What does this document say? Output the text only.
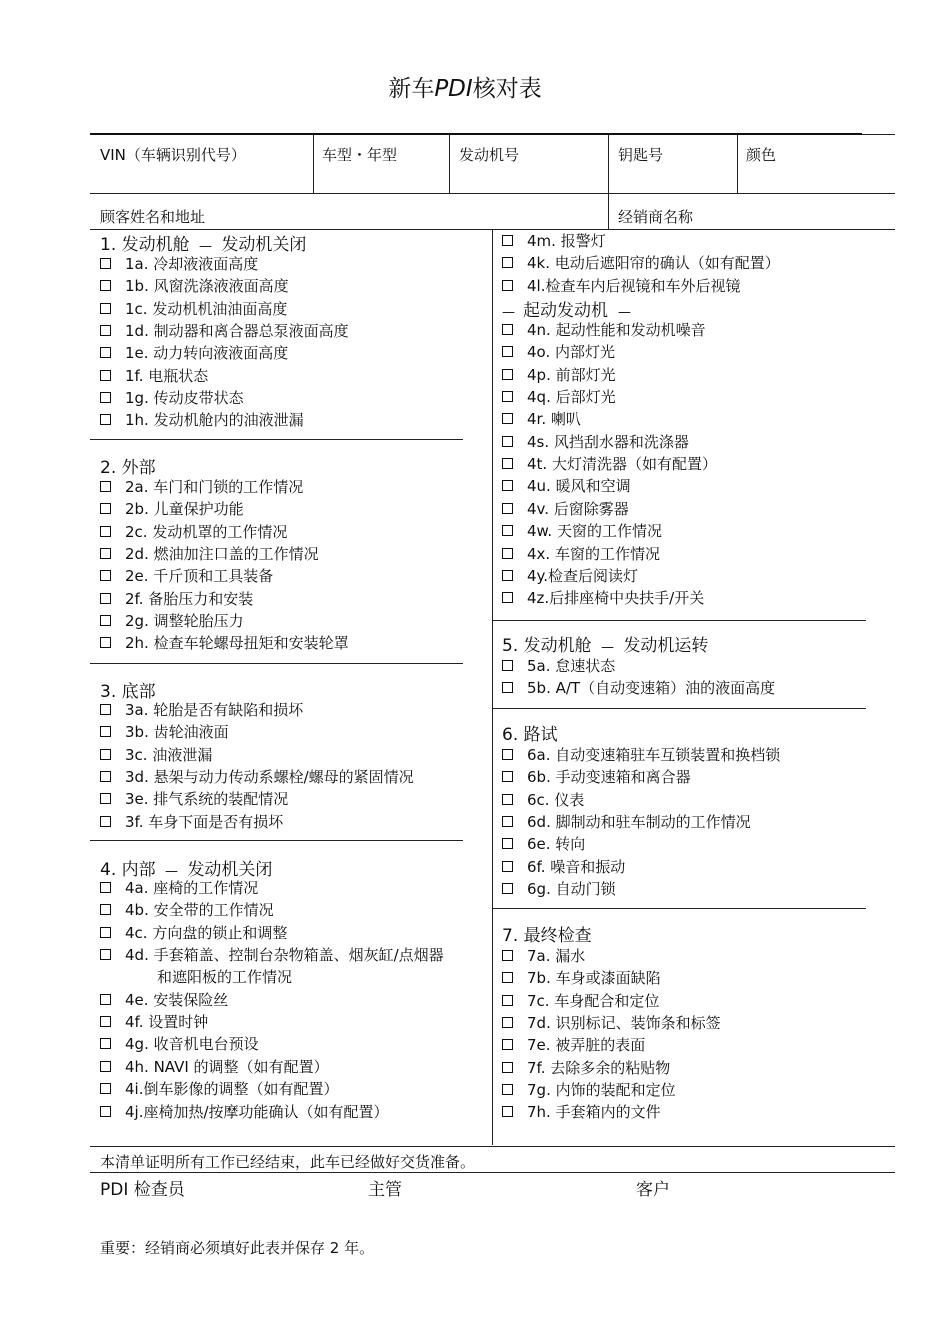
新车PDI核对表
VIN（车辆识别代号）	车型・年型	发动机号	钥匙号	颜色
顾客姓名和地址	经销商名称
1. 发动机舱 — 发动机关闭
1a. 冷却液液面高度
1b. 风窗洗涤液液面高度
1c. 发动机机油油面高度
1d. 制动器和离合器总泵液面高度
1e. 动力转向液液面高度
1f. 电瓶状态
1g. 传动皮带状态
1h. 发动机舱内的油液泄漏
2. 外部
2a. 车门和门锁的工作情况
2b. 儿童保护功能
2c. 发动机罩的工作情况
2d. 燃油加注口盖的工作情况
2e. 千斤顶和工具装备
2f. 备胎压力和安装
2g. 调整轮胎压力
2h. 检查车轮螺母扭矩和安装轮罩
3. 底部
3a. 轮胎是否有缺陷和损坏
3b. 齿轮油液面
3c. 油液泄漏
3d. 悬架与动力传动系螺栓/螺母的紧固情况
3e. 排气系统的装配情况
3f. 车身下面是否有损坏
4. 内部 — 发动机关闭
4a. 座椅的工作情况
4b. 安全带的工作情况
4c. 方向盘的锁止和调整
4d. 手套箱盖、控制台杂物箱盖、烟灰缸/点烟器
和遮阳板的工作情况
4e. 安装保险丝
4f. 设置时钟
4g. 收音机电台预设
4h. NAVI 的调整（如有配置）
4i.倒车影像的调整（如有配置）
4j.座椅加热/按摩功能确认（如有配置）
4m. 报警灯
4k. 电动后遮阳帘的确认（如有配置）
4l.检查车内后视镜和车外后视镜
— 起动发动机 —
4n. 起动性能和发动机噪音
4o. 内部灯光
4p. 前部灯光
4q. 后部灯光
4r. 喇叭
4s. 风挡刮水器和洗涤器
4t. 大灯清洗器（如有配置）
4u. 暖风和空调
4v. 后窗除雾器
4w. 天窗的工作情况
4x. 车窗的工作情况
4y.检查后阅读灯
4z.后排座椅中央扶手/开关
5. 发动机舱 — 发动机运转
5a. 怠速状态
5b. A/T（自动变速箱）油的液面高度
6. 路试
6a. 自动变速箱驻车互锁装置和换档锁
6b. 手动变速箱和离合器
6c. 仪表
6d. 脚制动和驻车制动的工作情况
6e. 转向
6f. 噪音和振动
6g. 自动门锁
7. 最终检查
7a. 漏水
7b. 车身或漆面缺陷
7c. 车身配合和定位
7d. 识别标记、装饰条和标签
7e. 被弄脏的表面
7f. 去除多余的粘贴物
7g. 内饰的装配和定位
7h. 手套箱内的文件
本清单证明所有工作已经结束，此车已经做好交货准备。
PDI 检查员	主管	客户
重要：经销商必须填好此表并保存 2 年。
